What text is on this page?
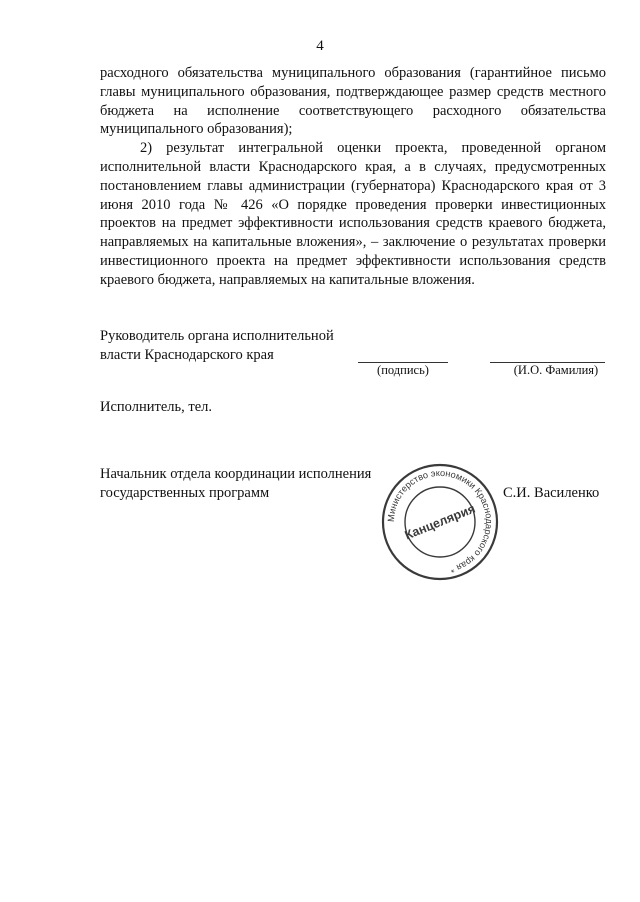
4

расходного обязательства муниципального образования (гарантийное письмо главы муниципального образования, подтверждающее размер средств местного бюджета на исполнение соответствующего расходного обязательства муниципального образования);

2) результат интегральной оценки проекта, проведенной органом исполнительной власти Краснодарского края, а в случаях, предусмотренных постановлением главы администрации (губернатора) Краснодарского края от 3 июня 2010 года № 426 «О порядке проведения проверки инвестиционных проектов на предмет эффективности использования средств краевого бюджета, направляемых на капитальные вложения», – заключение о результатах проверки инвестиционного проекта на предмет эффективности использования средств краевого бюджета, направляемых на капитальные вложения.

Руководитель органа исполнительной
власти Краснодарского края
(подпись)	(И.О. Фамилия)
Исполнитель, тел.
Начальник отдела координации исполнения
государственных программ	С.И. Василенко
Министерство экономики Краснодарского края *
Канцелярия
